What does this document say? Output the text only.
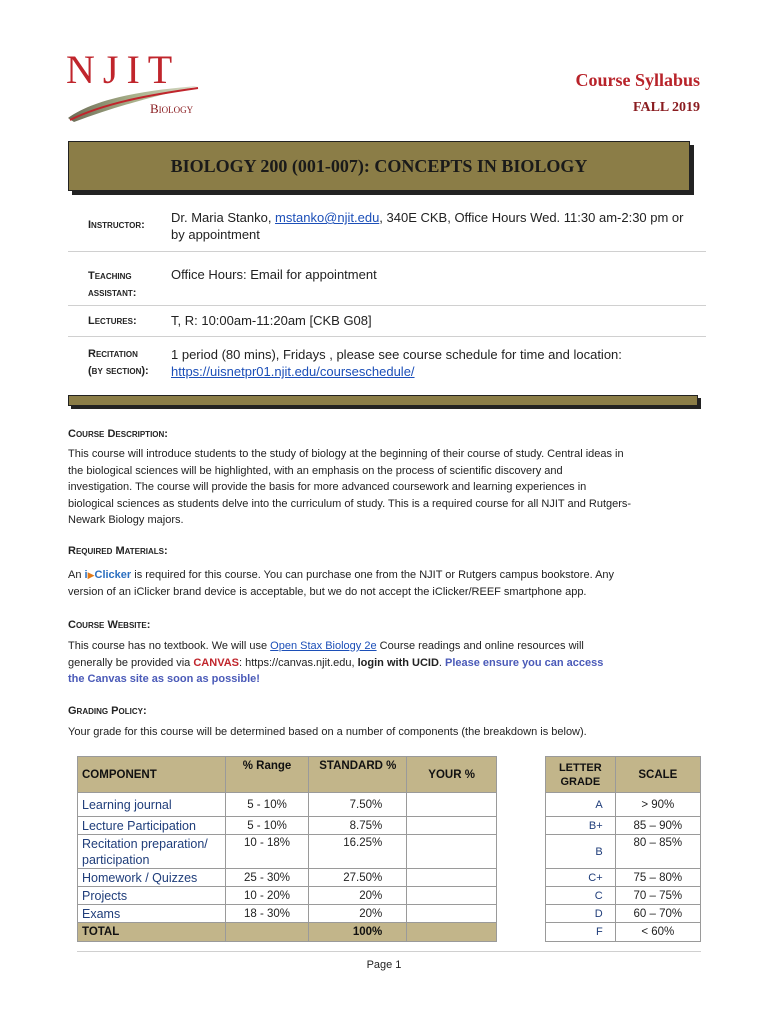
NJIT
Biology
Course Syllabus
FALL 2019
BIOLOGY 200 (001-007): CONCEPTS IN BIOLOGY
Instructor: Dr. Maria Stanko, mstanko@njit.edu, 340E CKB, Office Hours Wed. 11:30 am-2:30 pm or
by appointment
Teaching
assistant:
Office Hours: Email for appointment
Lectures:	T, R: 10:00am-11:20am [CKB G08]
Recitation
(by section):
1 period (80 mins), Fridays , please see course schedule for time and location:
https://uisnetpr01.njit.edu/courseschedule/
Course Description:
This course will introduce students to the study of biology at the beginning of their course of study. Central ideas in
the biological sciences will be highlighted, with an emphasis on the process of scientific discovery and
investigation. The course will provide the basis for more advanced coursework and learning experiences in
biological sciences as students delve into the curriculum of study. This is a required course for all NJIT and Rutgers-
Newark Biology majors.
Required Materials:
An i▶Clicker is required for this course. You can purchase one from the NJIT or Rutgers campus bookstore. Any
version of an iClicker brand device is acceptable, but we do not accept the iClicker/REEF smartphone app.
Course Website:
This course has no textbook. We will use Open Stax Biology 2e Course readings and online resources will
generally be provided via CANVAS: https://canvas.njit.edu, login with UCID. Please ensure you can access
the Canvas site as soon as possible!
Grading Policy:
Your grade for this course will be determined based on a number of components (the breakdown is below).
COMPONENT	% Range	STANDARD %	YOUR %
Learning journal	5 - 10%	7.50%	
Lecture Participation	5 - 10%	8.75%	
Recitation preparation/ participation	10 - 18%	16.25%	
Homework / Quizzes	25 - 30%	27.50%	
Projects	10 - 20%	20%	
Exams	18 - 30%	20%	
TOTAL		100%	
LETTER GRADE	SCALE
A	> 90%
B+	85 – 90%
B	80 – 85%
C+	75 – 80%
C	70 – 75%
D	60 – 70%
F	< 60%
Page 1
